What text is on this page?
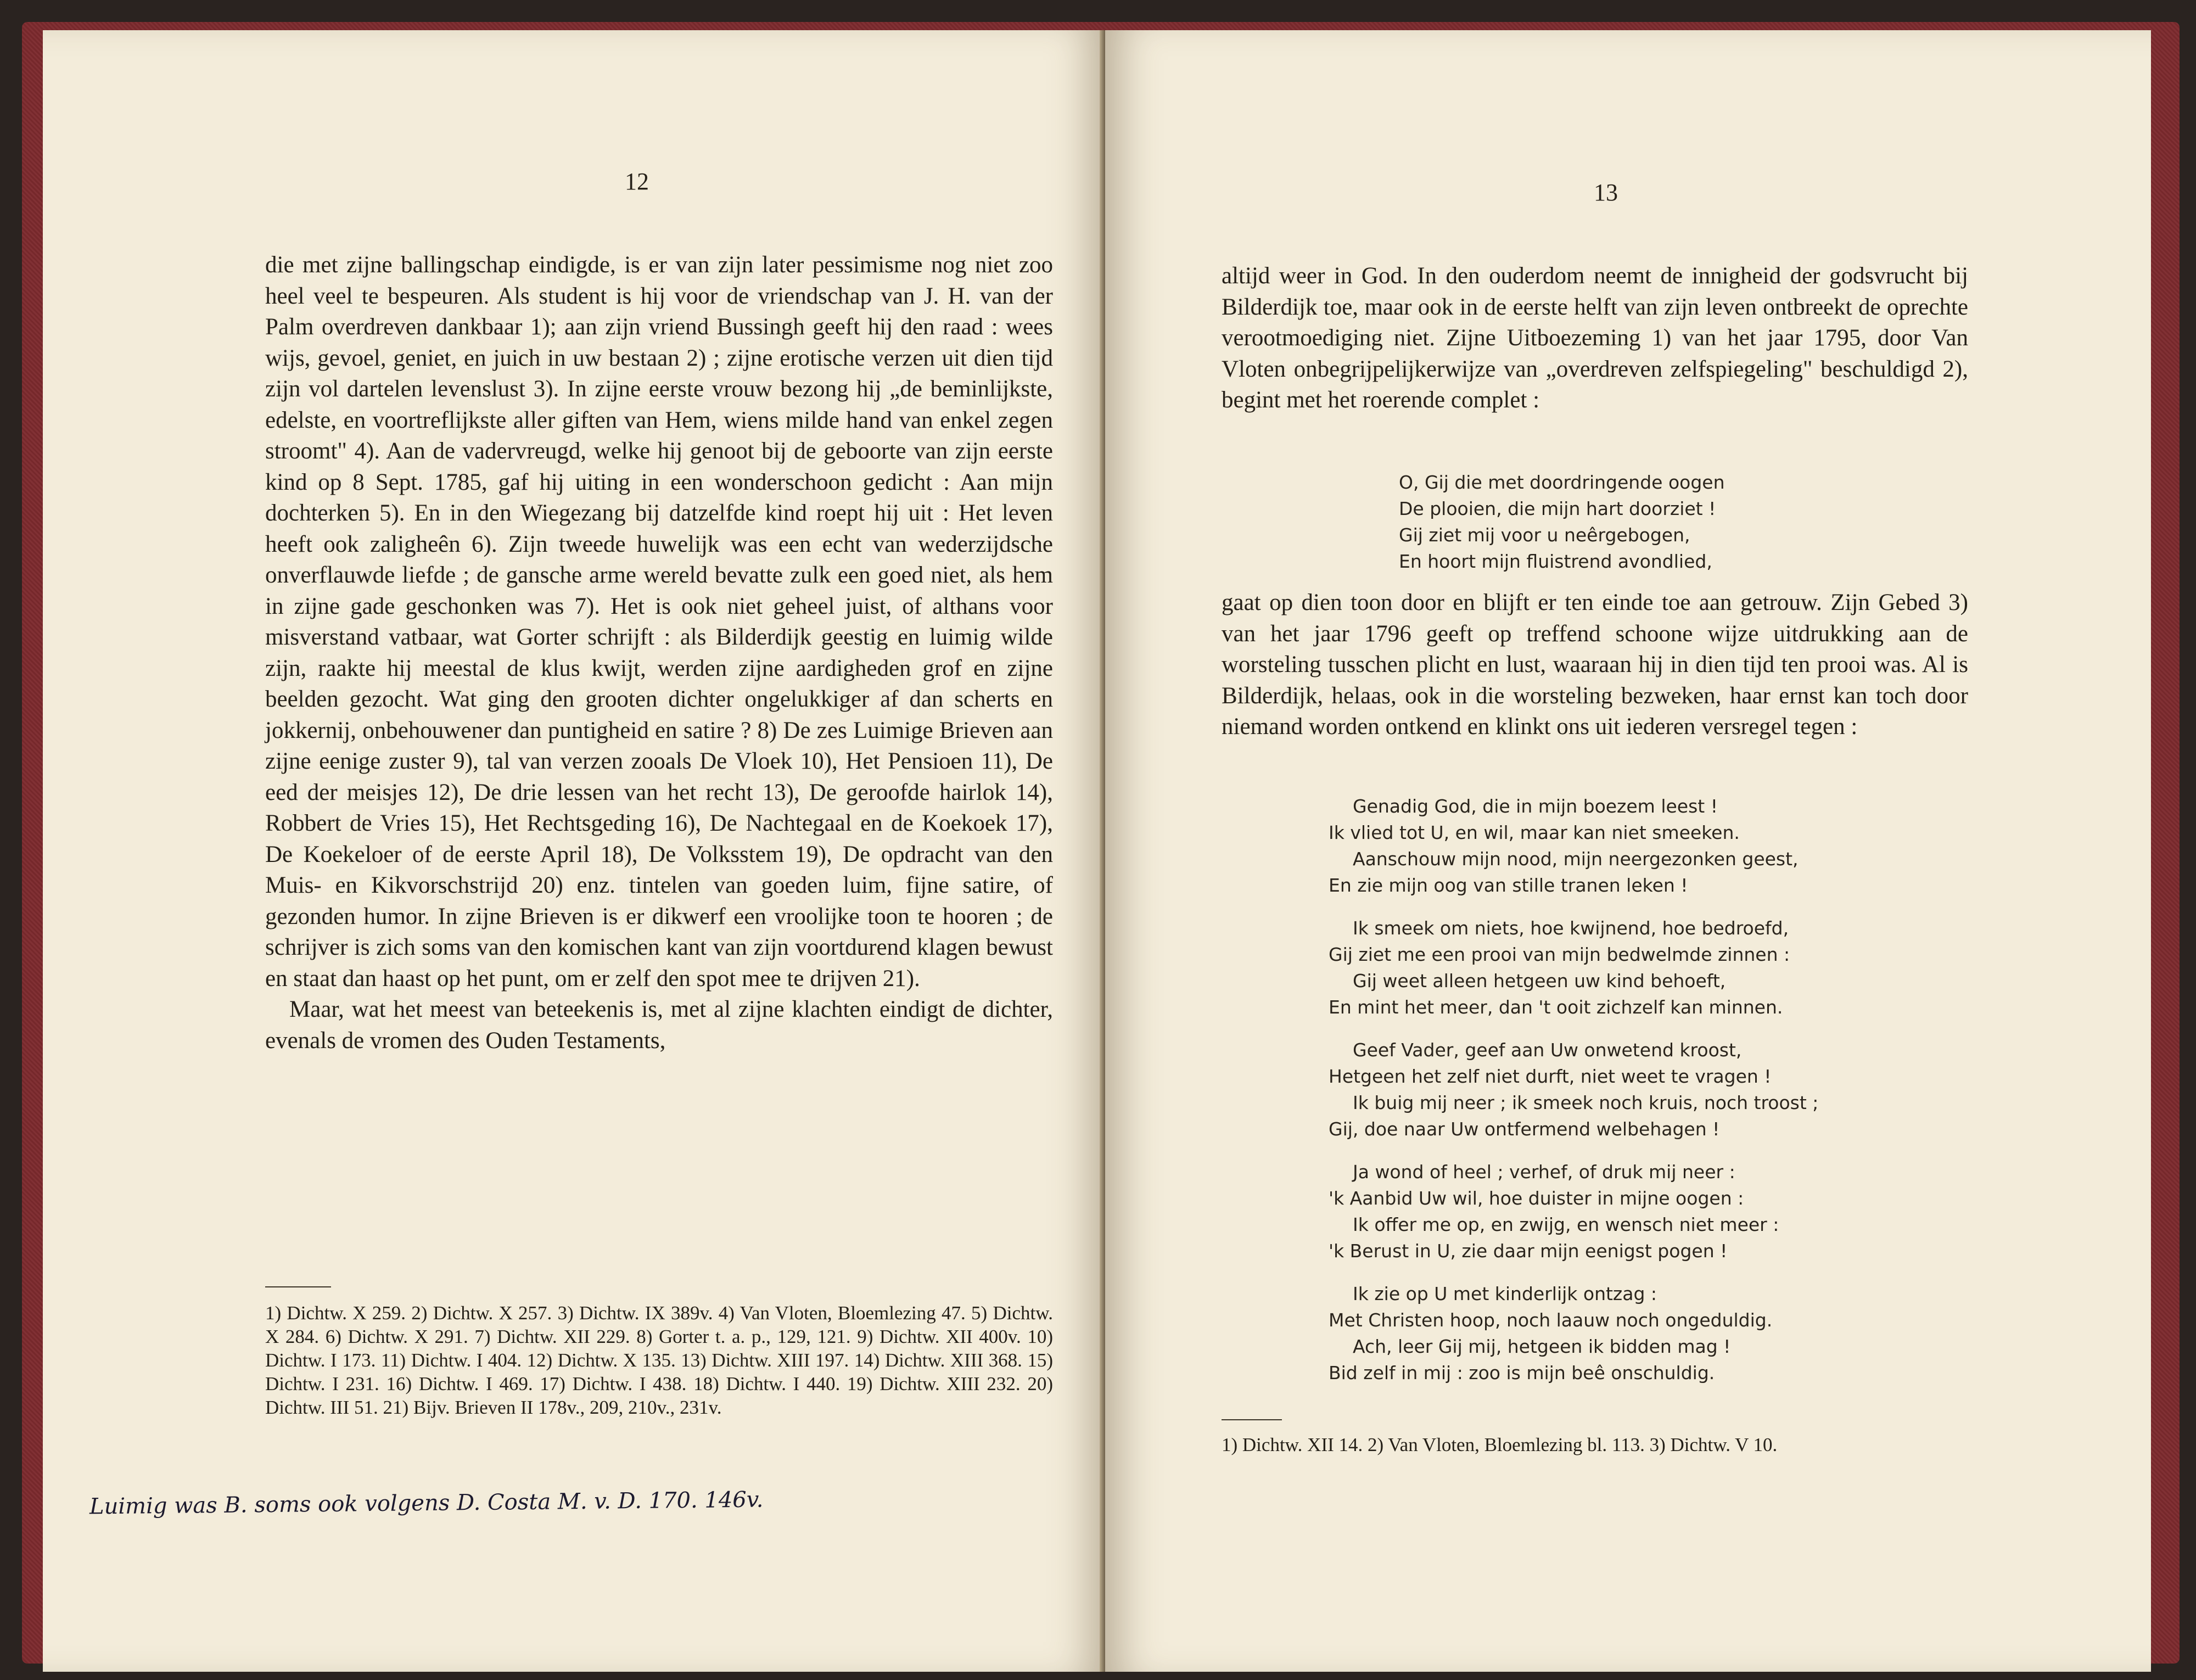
12

die met zijne ballingschap eindigde, is er van zijn later pessimisme nog niet zoo heel veel te bespeuren. Als student is hij voor de vriendschap van J. H. van der Palm overdreven dankbaar 1); aan zijn vriend Bussingh geeft hij den raad : wees wijs, gevoel, geniet, en juich in uw bestaan 2) ; zijne erotische verzen uit dien tijd zijn vol dartelen levenslust 3). In zijne eerste vrouw bezong hij „de beminlijkste, edelste, en voortreflijkste aller giften van Hem, wiens milde hand van enkel zegen stroomt" 4). Aan de vadervreugd, welke hij genoot bij de geboorte van zijn eerste kind op 8 Sept. 1785, gaf hij uiting in een wonderschoon gedicht : Aan mijn dochterken 5). En in den Wiegezang bij datzelfde kind roept hij uit : Het leven heeft ook zaligheên 6). Zijn tweede huwelijk was een echt van wederzijdsche onverflauwde liefde ; de gansche arme wereld bevatte zulk een goed niet, als hem in zijne gade geschonken was 7). Het is ook niet geheel juist, of althans voor misverstand vatbaar, wat Gorter schrijft : als Bilderdijk geestig en luimig wilde zijn, raakte hij meestal de klus kwijt, werden zijne aardigheden grof en zijne beelden gezocht. Wat ging den grooten dichter ongelukkiger af dan scherts en jokkernij, onbehouwener dan puntigheid en satire ? 8) De zes Luimige Brieven aan zijne eenige zuster 9), tal van verzen zooals De Vloek 10), Het Pensioen 11), De eed der meisjes 12), De drie lessen van het recht 13), De geroofde hairlok 14), Robbert de Vries 15), Het Rechtsgeding 16), De Nachtegaal en de Koekoek 17), De Koekeloer of de eerste April 18), De Volksstem 19), De opdracht van den Muis- en Kikvorschstrijd 20) enz. tintelen van goeden luim, fijne satire, of gezonden humor. In zijne Brieven is er dikwerf een vroolijke toon te hooren ; de schrijver is zich soms van den komischen kant van zijn voortdurend klagen bewust en staat dan haast op het punt, om er zelf den spot mee te drijven 21).

Maar, wat het meest van beteekenis is, met al zijne klachten eindigt de dichter, evenals de vromen des Ouden Testaments,

1) Dichtw. X 259. 2) Dichtw. X 257. 3) Dichtw. IX 389v. 4) Van Vloten, Bloemlezing 47. 5) Dichtw. X 284. 6) Dichtw. X 291. 7) Dichtw. XII 229. 8) Gorter t. a. p., 129, 121. 9) Dichtw. XII 400v. 10) Dichtw. I 173. 11) Dichtw. I 404. 12) Dichtw. X 135. 13) Dichtw. XIII 197. 14) Dichtw. XIII 368. 15) Dichtw. I 231. 16) Dichtw. I 469. 17) Dichtw. I 438. 18) Dichtw. I 440. 19) Dichtw. XIII 232. 20) Dichtw. III 51. 21) Bijv. Brieven II 178v., 209, 210v., 231v.
Luimig was B. soms ook volgens D. Costa M. v. D. 170. 146v.
13
altijd weer in God. In den ouderdom neemt de innigheid der godsvrucht bij Bilderdijk toe, maar ook in de eerste helft van zijn leven ontbreekt de oprechte verootmoediging niet. Zijne Uitboezeming 1) van het jaar 1795, door Van Vloten onbegrijpelijkerwijze van „overdreven zelfspiegeling" beschuldigd 2), begint met het roerende complet :
O, Gij die met doordringende oogen
De plooien, die mijn hart doorziet !
Gij ziet mij voor u neêrgebogen,
En hoort mijn fluistrend avondlied,
gaat op dien toon door en blijft er ten einde toe aan getrouw. Zijn Gebed 3) van het jaar 1796 geeft op treffend schoone wijze uitdrukking aan de worsteling tusschen plicht en lust, waaraan hij in dien tijd ten prooi was. Al is Bilderdijk, helaas, ook in die worsteling bezweken, haar ernst kan toch door niemand worden ontkend en klinkt ons uit iederen versregel tegen :
Genadig God, die in mijn boezem leest !
Ik vlied tot U, en wil, maar kan niet smeeken.
Aanschouw mijn nood, mijn neergezonken geest,
En zie mijn oog van stille tranen leken !
Ik smeek om niets, hoe kwijnend, hoe bedroefd,
Gij ziet me een prooi van mijn bedwelmde zinnen :
Gij weet alleen hetgeen uw kind behoeft,
En mint het meer, dan 't ooit zichzelf kan minnen.
Geef Vader, geef aan Uw onwetend kroost,
Hetgeen het zelf niet durft, niet weet te vragen !
Ik buig mij neer ; ik smeek noch kruis, noch troost ;
Gij, doe naar Uw ontfermend welbehagen !
Ja wond of heel ; verhef, of druk mij neer :
'k Aanbid Uw wil, hoe duister in mijne oogen :
Ik offer me op, en zwijg, en wensch niet meer :
'k Berust in U, zie daar mijn eenigst pogen !
Ik zie op U met kinderlijk ontzag :
Met Christen hoop, noch laauw noch ongeduldig.
Ach, leer Gij mij, hetgeen ik bidden mag !
Bid zelf in mij : zoo is mijn beê onschuldig.
1) Dichtw. XII 14. 2) Van Vloten, Bloemlezing bl. 113. 3) Dichtw. V 10.
